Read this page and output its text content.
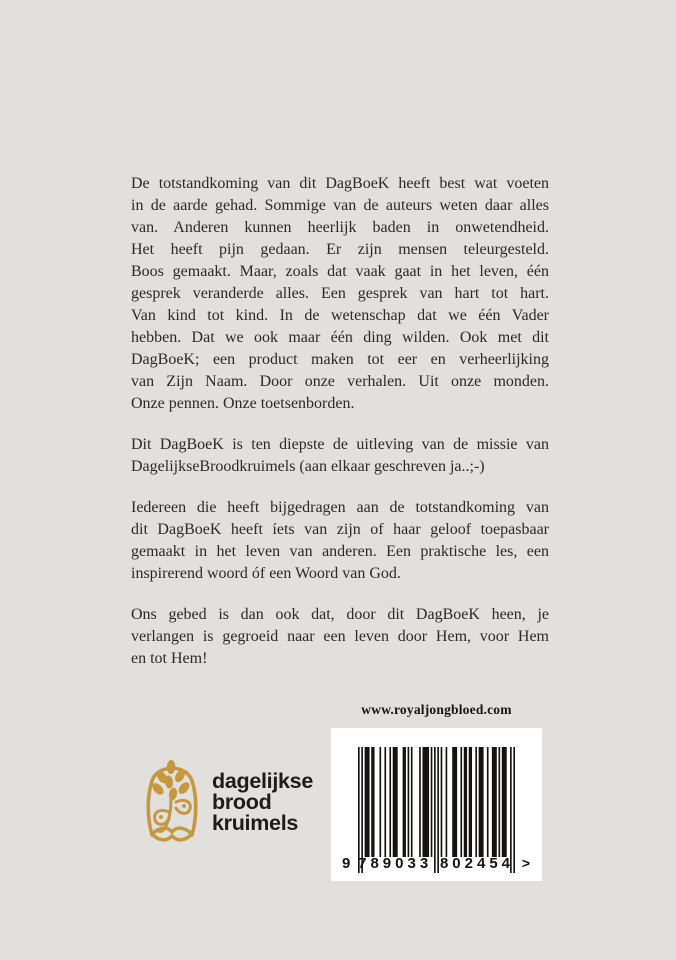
De totstandkoming van dit DagBoeK heeft best wat voeten
in de aarde gehad. Sommige van de auteurs weten daar alles
van. Anderen kunnen heerlijk baden in onwetendheid.
Het heeft pijn gedaan. Er zijn mensen teleurgesteld.
Boos gemaakt. Maar, zoals dat vaak gaat in het leven, één
gesprek veranderde alles. Een gesprek van hart tot hart.
Van kind tot kind. In de wetenschap dat we één Vader
hebben. Dat we ook maar één ding wilden. Ook met dit
DagBoeK; een product maken tot eer en verheerlijking
van Zijn Naam. Door onze verhalen. Uit onze monden.
Onze pennen. Onze toetsenborden.

Dit DagBoeK is ten diepste de uitleving van de missie van
DagelijkseBroodkruimels (aan elkaar geschreven ja..;-)

Iedereen die heeft bijgedragen aan de totstandkoming van
dit DagBoeK heeft íets van zijn of haar geloof toepasbaar
gemaakt in het leven van anderen. Een praktische les, een
inspirerend woord óf een Woord van God.

Ons gebed is dan ook dat, door dit DagBoeK heen, je
verlangen is gegroeid naar een leven door Hem, voor Hem
en tot Hem!

www.royaljongbloed.com
9 789033 802454 >
dagelijkse
brood
kruimels
